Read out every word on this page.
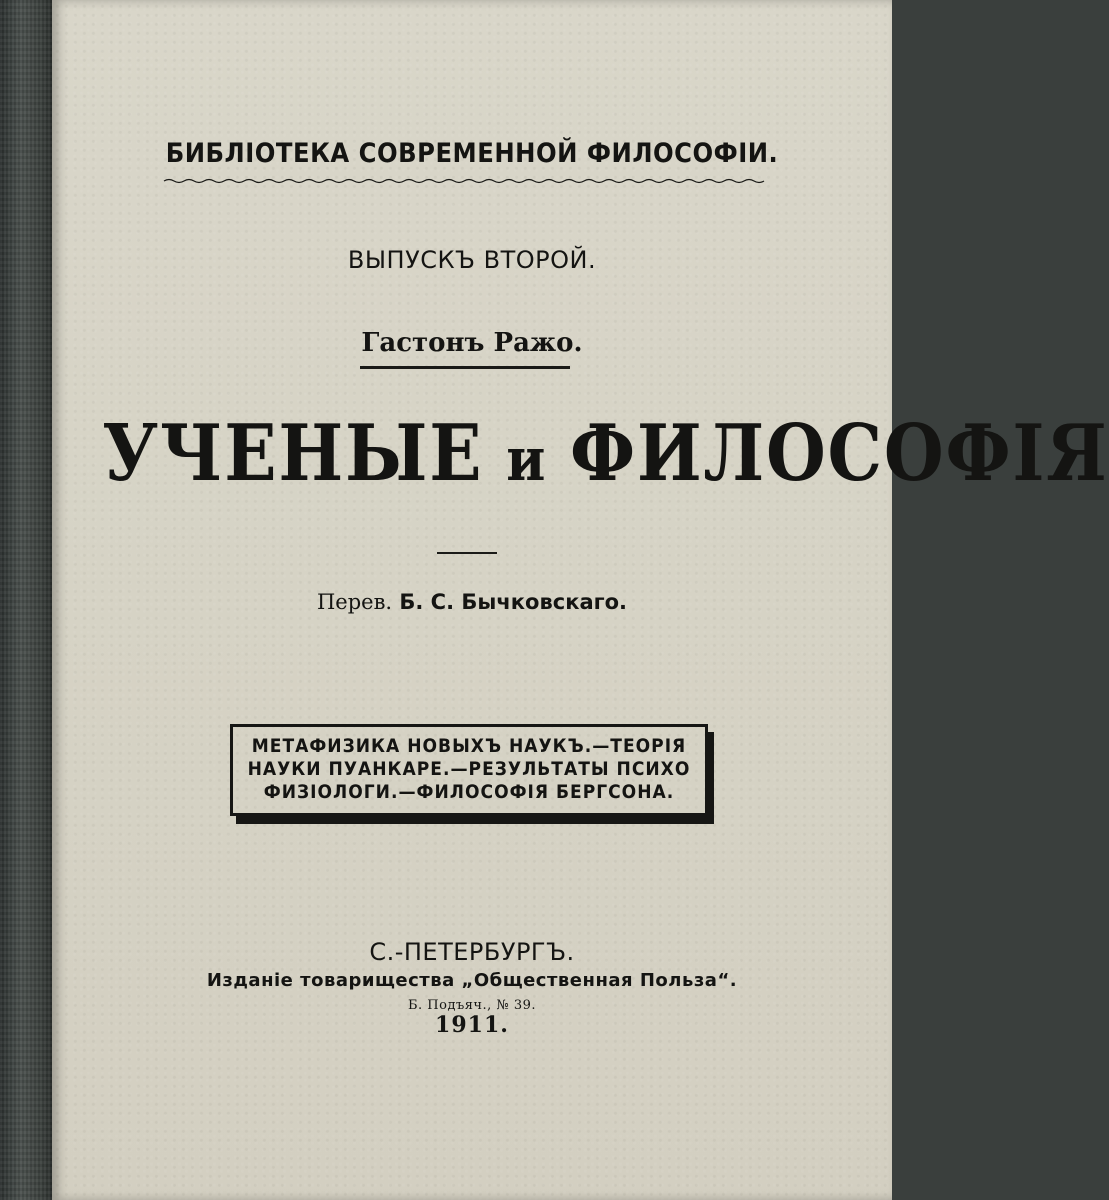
БИБЛІОТЕКА СОВРЕМЕННОЙ ФИЛОСОФІИ.
ВЫПУСКЪ ВТОРОЙ.
Гастонъ Ражо.
УЧЕНЫЕ и ФИЛОСОФІЯ
Перев. Б. С. Бычковскаго.
МЕТАФИЗИКА НОВЫХЪ НАУКЪ.—ТЕОРІЯ
НАУКИ ПУАНКАРЕ.—РЕЗУЛЬТАТЫ ПСИХО
ФИЗІОЛОГИ.—ФИЛОСОФІЯ БЕРГСОНА.
С.-ПЕТЕРБУРГЪ.
Изданіе товарищества „Общественная Польза“.
Б. Подъяч., № 39.
1911.
